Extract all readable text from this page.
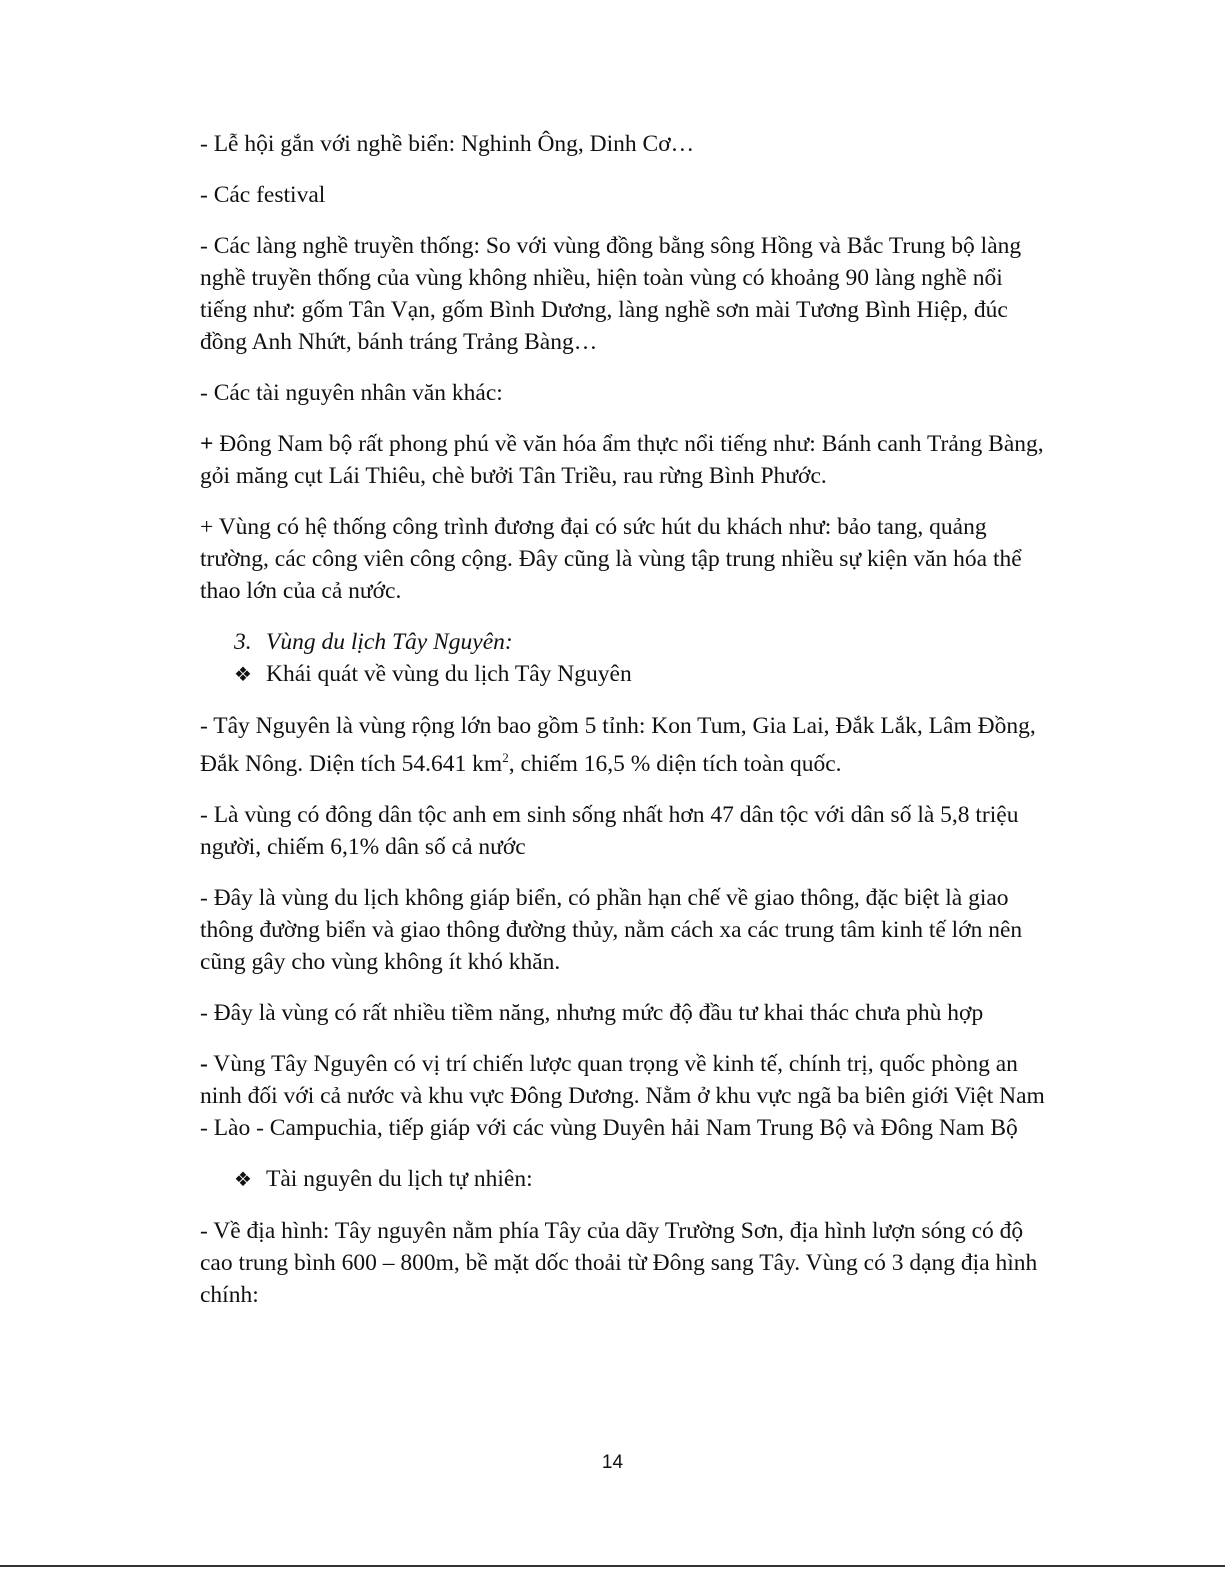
- Lễ hội gắn với nghề biển: Nghinh Ông, Dinh Cơ…

- Các festival

- Các làng nghề truyền thống: So với vùng đồng bằng sông Hồng và Bắc Trung bộ làng nghề truyền thống của vùng không nhiều, hiện toàn vùng có khoảng 90 làng nghề nổi tiếng như: gốm Tân Vạn, gốm Bình Dương, làng nghề sơn mài Tương Bình Hiệp, đúc đồng Anh Nhứt, bánh tráng Trảng Bàng…

- Các tài nguyên nhân văn khác:

+ Đông Nam bộ rất phong phú về văn hóa ẩm thực nổi tiếng như: Bánh canh Trảng Bàng, gỏi măng cụt Lái Thiêu, chè bưởi Tân Triều, rau rừng Bình Phước.

+ Vùng có hệ thống công trình đương đại có sức hút du khách như: bảo tang, quảng trường, các công viên công cộng. Đây cũng là vùng tập trung nhiều sự kiện văn hóa thể thao lớn của cả nước.

3. Vùng du lịch Tây Nguyên:

❖ Khái quát về vùng du lịch Tây Nguyên

- Tây Nguyên là vùng rộng lớn bao gồm 5 tỉnh: Kon Tum, Gia Lai, Đắk Lắk, Lâm Đồng, Đắk Nông. Diện tích 54.641 $km^2$, chiếm 16,5 % diện tích toàn quốc.

- Là vùng có đông dân tộc anh em sinh sống nhất hơn 47 dân tộc với dân số là 5,8 triệu người, chiếm 6,1% dân số cả nước

- Đây là vùng du lịch không giáp biển, có phần hạn chế về giao thông, đặc biệt là giao thông đường biển và giao thông đường thủy, nằm cách xa các trung tâm kinh tế lớn nên cũng gây cho vùng không ít khó khăn.

- Đây là vùng có rất nhiều tiềm năng, nhưng mức độ đầu tư khai thác chưa phù hợp

- Vùng Tây Nguyên có vị trí chiến lược quan trọng về kinh tế, chính trị, quốc phòng an ninh đối với cả nước và khu vực Đông Dương. Nằm ở khu vực ngã ba biên giới Việt Nam - Lào - Campuchia, tiếp giáp với các vùng Duyên hải Nam Trung Bộ và Đông Nam Bộ

❖ Tài nguyên du lịch tự nhiên:

- Về địa hình: Tây nguyên nằm phía Tây của dãy Trường Sơn, địa hình lượn sóng có độ cao trung bình 600 – 800m, bề mặt dốc thoải từ Đông sang Tây. Vùng có 3 dạng địa hình chính:

14
